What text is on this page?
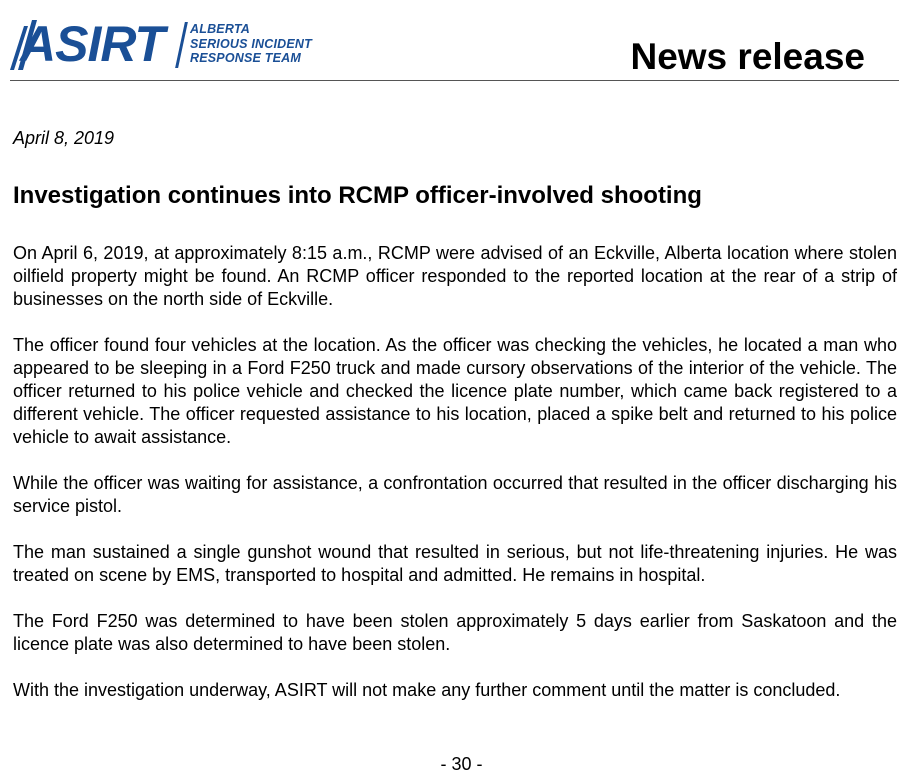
ASIRT ALBERTA
SERIOUS INCIDENT
RESPONSE TEAM	News release
April 8, 2019
Investigation continues into RCMP officer-involved shooting

On April 6, 2019, at approximately 8:15 a.m., RCMP were advised of an Eckville, Alberta location where stolen oilfield property might be found. An RCMP officer responded to the reported location at the rear of a strip of businesses on the north side of Eckville.

The officer found four vehicles at the location. As the officer was checking the vehicles, he located a man who appeared to be sleeping in a Ford F250 truck and made cursory observations of the interior of the vehicle. The officer returned to his police vehicle and checked the licence plate number, which came back registered to a different vehicle. The officer requested assistance to his location, placed a spike belt and returned to his police vehicle to await assistance.

While the officer was waiting for assistance, a confrontation occurred that resulted in the officer discharging his service pistol.

The man sustained a single gunshot wound that resulted in serious, but not life-threatening injuries. He was treated on scene by EMS, transported to hospital and admitted. He remains in hospital.

The Ford F250 was determined to have been stolen approximately 5 days earlier from Saskatoon and the licence plate was also determined to have been stolen.

With the investigation underway, ASIRT will not make any further comment until the matter is concluded.

- 30 -
